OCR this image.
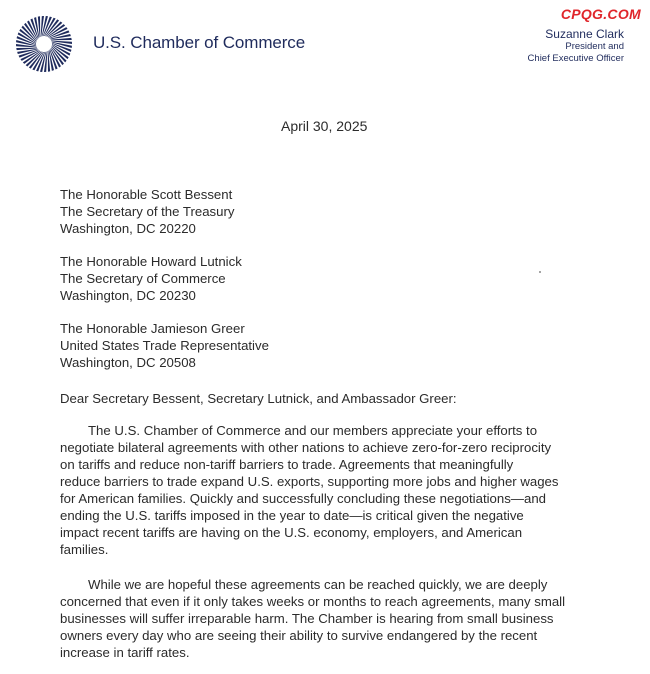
U.S. Chamber of Commerce
CPQG.COM
Suzanne Clark
President and
Chief Executive Officer
April 30, 2025
The Honorable Scott Bessent
The Secretary of the Treasury
Washington, DC 20220
The Honorable Howard Lutnick
The Secretary of Commerce
Washington, DC 20230
The Honorable Jamieson Greer
United States Trade Representative
Washington, DC 20508
Dear Secretary Bessent, Secretary Lutnick, and Ambassador Greer:
The U.S. Chamber of Commerce and our members appreciate your efforts to
negotiate bilateral agreements with other nations to achieve zero-for-zero reciprocity
on tariffs and reduce non-tariff barriers to trade. Agreements that meaningfully
reduce barriers to trade expand U.S. exports, supporting more jobs and higher wages
for American families. Quickly and successfully concluding these negotiations—and
ending the U.S. tariffs imposed in the year to date—is critical given the negative
impact recent tariffs are having on the U.S. economy, employers, and American
families.
While we are hopeful these agreements can be reached quickly, we are deeply
concerned that even if it only takes weeks or months to reach agreements, many small
businesses will suffer irreparable harm. The Chamber is hearing from small business
owners every day who are seeing their ability to survive endangered by the recent
increase in tariff rates.
